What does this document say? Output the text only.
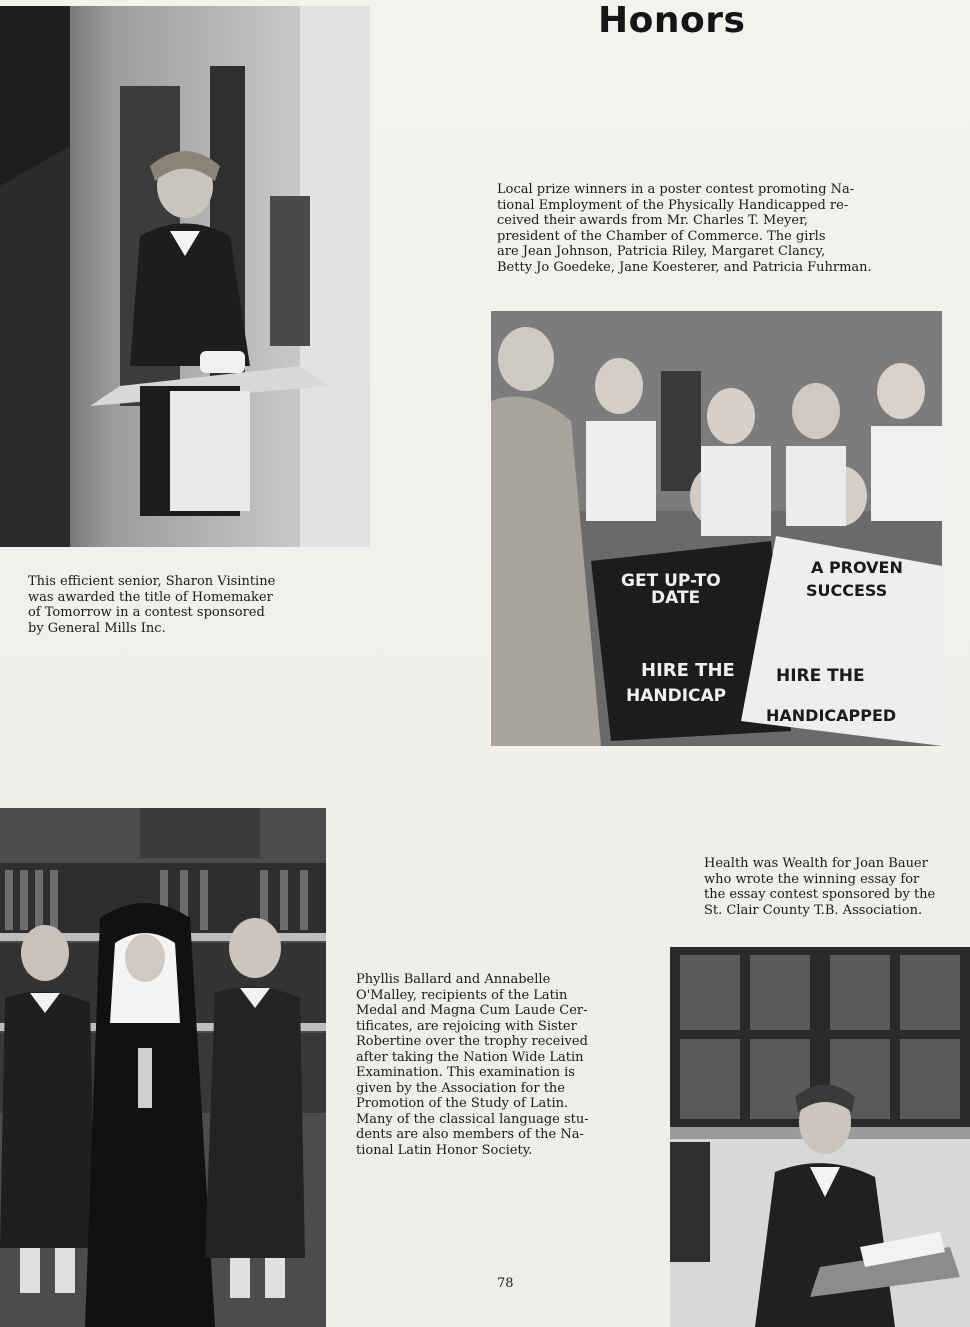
Honors
This efficient senior, Sharon Visintine
was awarded the title of Homemaker
of Tomorrow in a contest sponsored
by General Mills Inc.
Local prize winners in a poster contest promoting Na-
tional Employment of the Physically Handicapped re-
ceived their awards from Mr. Charles T. Meyer,
president of the Chamber of Commerce. The girls
are Jean Johnson, Patricia Riley, Margaret Clancy,
Betty Jo Goedeke, Jane Koesterer, and Patricia Fuhrman.
GET UP-TO
DATE
HIRE THE
HANDICAP
A PROVEN
SUCCESS
HIRE THE
HANDICAPPED
Phyllis Ballard and Annabelle
O'Malley, recipients of the Latin
Medal and Magna Cum Laude Cer-
tificates, are rejoicing with Sister
Robertine over the trophy received
after taking the Nation Wide Latin
Examination. This examination is
given by the Association for the
Promotion of the Study of Latin.
Many of the classical language stu-
dents are also members of the Na-
tional Latin Honor Society.
Health was Wealth for Joan Bauer
who wrote the winning essay for
the essay contest sponsored by the
St. Clair County T.B. Association.
78
